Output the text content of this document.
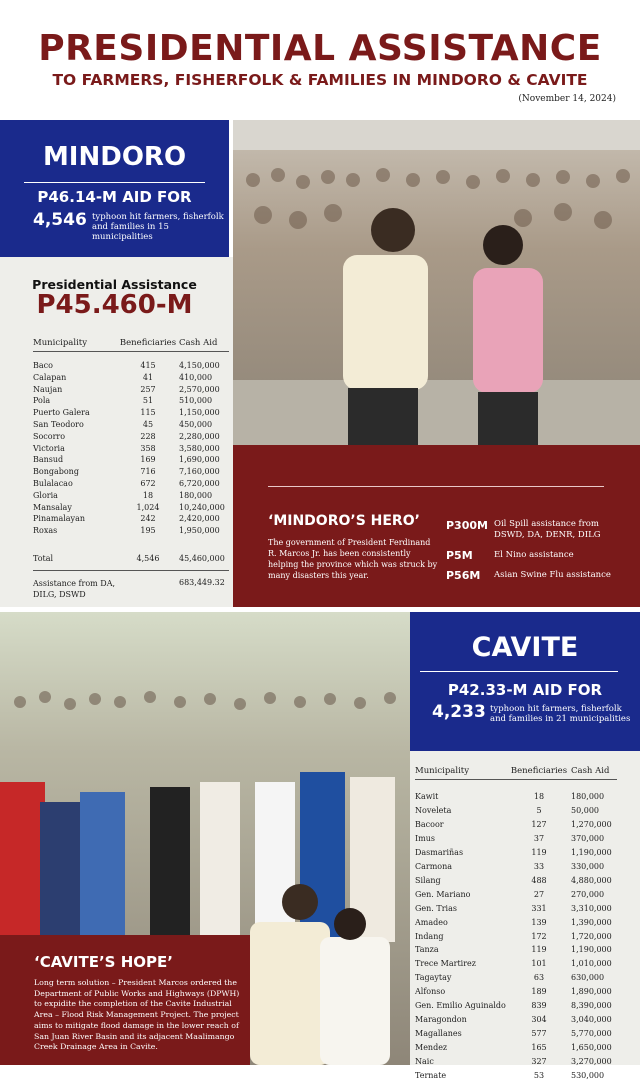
PRESIDENTIAL ASSISTANCE
TO FARMERS, FISHERFOLK & FAMILIES IN MINDORO & CAVITE
(November 14, 2024)
MINDORO
P46.14-M AID FOR
4,546 typhoon hit farmers, fisherfolk and families in 15 municipalities
Presidential Assistance
P45.460-M
Municipality	Beneficiaries	Cash Aid
Baco	415	4,150,000
Calapan	41	410,000
Naujan	257	2,570,000
Pola	51	510,000
Puerto Galera	115	1,150,000
San Teodoro	45	450,000
Socorro	228	2,280,000
Victoria	358	3,580,000
Bansud	169	1,690,000
Bongabong	716	7,160,000
Bulalacao	672	6,720,000
Gloria	18	180,000
Mansalay	1,024	10,240,000
Pinamalayan	242	2,420,000
Roxas	195	1,950,000
Total	4,546	45,460,000
Assistance from DA, DILG, DSWD
683,449.32
‘MINDORO’S HERO’
The government of President Ferdinand R. Marcos Jr. has been consistently helping the province which was struck by many disasters this year.
P300M Oil Spill assistance from DSWD, DA, DENR, DILG
P5M	El Nino assistance
P56M Asian Swine Flu assistance
CAVITE
P42.33-M AID FOR
4,233 typhoon hit farmers, fisherfolk and families in 21 municipalities
Municipality	Beneficiaries	Cash Aid
Kawit	18	180,000
Noveleta	5	50,000
Bacoor	127	1,270,000
Imus	37	370,000
Dasmariñas	119	1,190,000
Carmona	33	330,000
Silang	488	4,880,000
Gen. Mariano	27	270,000
Gen. Trias	331	3,310,000
Amadeo	139	1,390,000
Indang	172	1,720,000
Tanza	119	1,190,000
Trece Martirez	101	1,010,000
Tagaytay	63	630,000
Alfonso	189	1,890,000
Gen. Emilio Aguinaldo	839	8,390,000
Maragondon	304	3,040,000
Magallanes	577	5,770,000
Mendez	165	1,650,000
Naic	327	3,270,000
Ternate	53	530,000
‘CAVITE’S HOPE’
Long term solution – President Marcos ordered the Department of Public Works and Highways (DPWH) to expidite the completion of the Cavite Industrial Area – Flood Risk Management Project. The project aims to mitigate flood damage in the lower reach of San Juan River Basin and its adjacent Maalimango Creek Drainage Area in Cavite.
